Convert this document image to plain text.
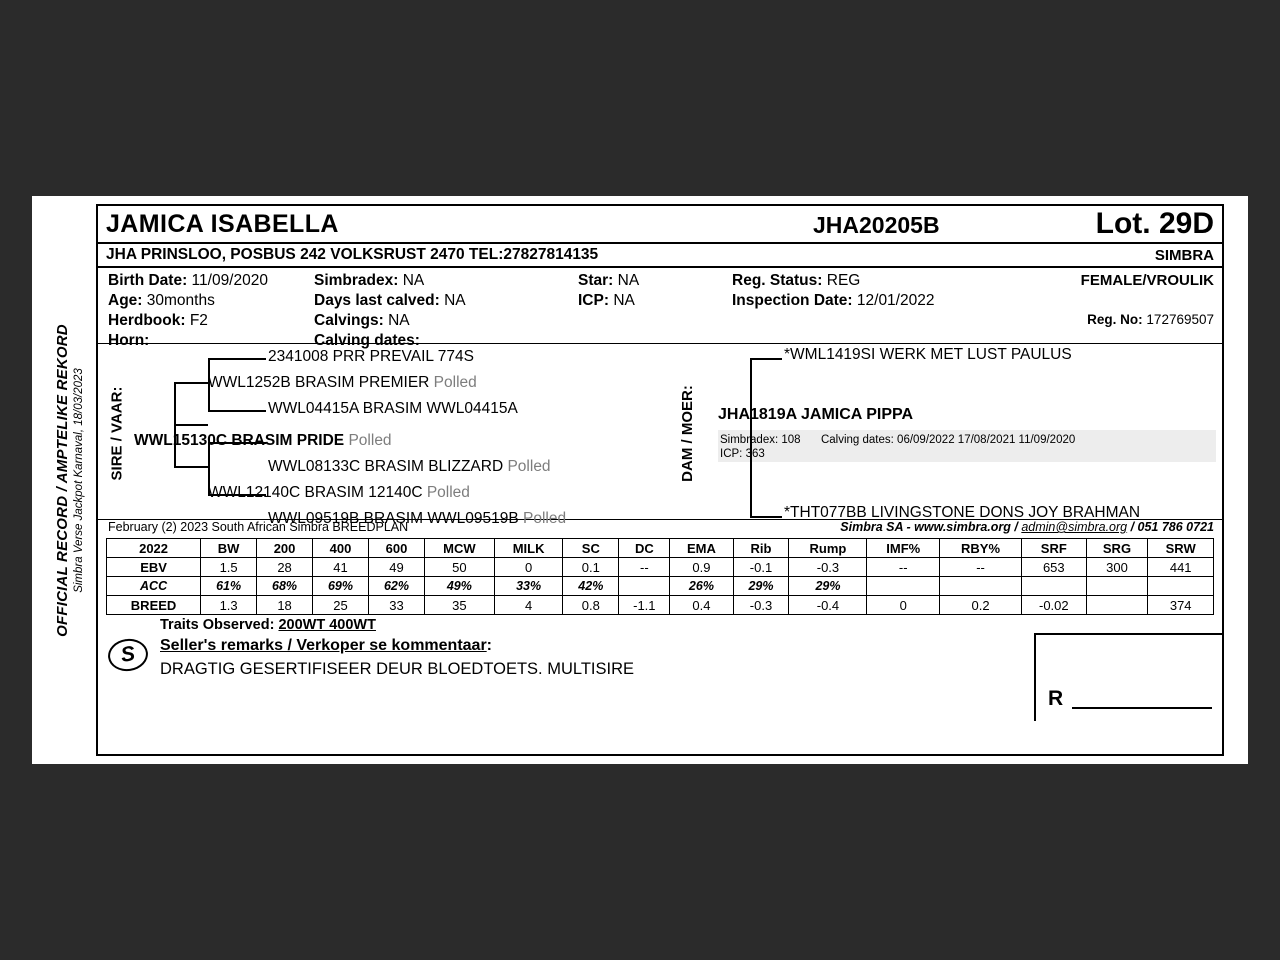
OFFICIAL RECORD / AMPTELIKE REKORD Simbra Verse Jackpot Karnaval, 18/03/2023
JAMICA ISABELLA	JHA20205B	Lot. 29D
JHA PRINSLOO, POSBUS 242 VOLKSRUST 2470 TEL:27827814135	SIMBRA
Birth Date: 11/09/2020
Age: 30months
Herdbook: F2
Horn:
Simbradex: NA
Days last calved: NA
Calvings: NA
Calving dates:
Star: NA
ICP: NA
Reg. Status: REG
Inspection Date: 12/01/2022
FEMALE/VROULIK
Reg. No: 172769507
SIRE / VAAR:	DAM / MOER:
2341008 PRR PREVAIL 774S
WWL1252B BRASIM PREMIER Polled
WWL04415A BRASIM WWL04415A
WWL15130C BRASIM PRIDE Polled
WWL08133C BRASIM BLIZZARD Polled
WWL12140C BRASIM 12140C Polled
WWL09519B BRASIM WWL09519B Polled
*WML1419SI WERK MET LUST PAULUS
JHA1819A JAMICA PIPPA
Simbradex: 108 Calving dates: 06/09/2022 17/08/2021 11/09/2020
ICP: 363
*THT077BB LIVINGSTONE DONS JOY BRAHMAN
February (2) 2023 South African Simbra BREEDPLAN	Simbra SA - www.simbra.org / admin@simbra.org / 051 786 0721
2022	BW	200	400	600	MCW	MILK	SC	DC	EMA	Rib	Rump	IMF%	RBY%	SRF	SRG	SRW
EBV	1.5	28	41	49	50	0	0.1	--	0.9	-0.1	-0.3	--	--	653	300	441
ACC	61%	68%	69%	62%	49%	33%	42%		26%	29%	29%					
BREED	1.3	18	25	33	35	4	0.8	-1.1	0.4	-0.3	-0.4	0	0.2	-0.02		374
Traits Observed: 200WT 400WT
S	Seller's remarks / Verkoper se kommentaar:
DRAGTIG GESERTIFISEER DEUR BLOEDTOETS. MULTISIRE
R
